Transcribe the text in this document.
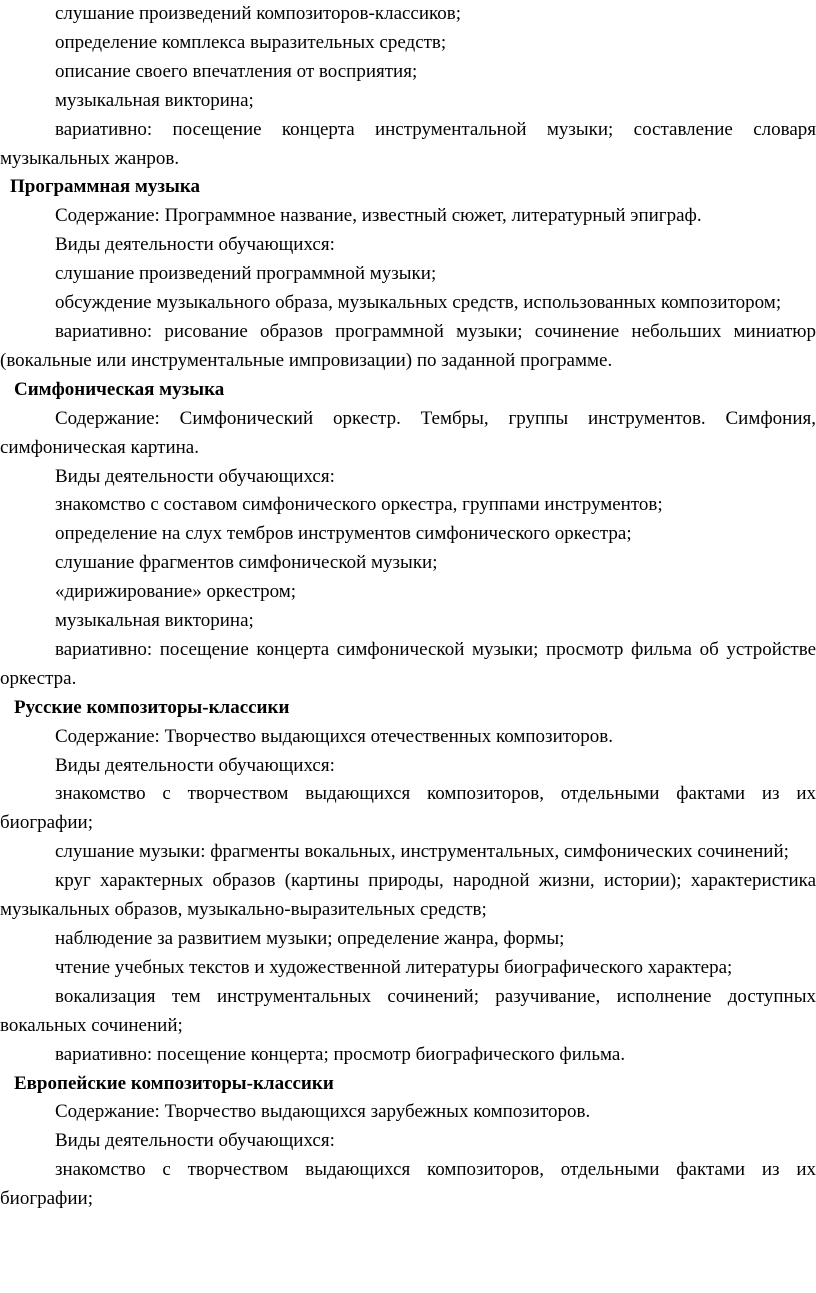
слушание произведений композиторов-классиков;

определение комплекса выразительных средств;

описание своего впечатления от восприятия;

музыкальная викторина;

вариативно: посещение концерта инструментальной музыки; составление словаря музыкальных жанров.

Программная музыка

Содержание: Программное название, известный сюжет, литературный эпиграф.

Виды деятельности обучающихся:

слушание произведений программной музыки;

обсуждение музыкального образа, музыкальных средств, использованных композитором;

вариативно: рисование образов программной музыки; сочинение небольших миниатюр (вокальные или инструментальные импровизации) по заданной программе.

Симфоническая музыка

Содержание: Симфонический оркестр. Тембры, группы инструментов. Симфония, симфоническая картина.

Виды деятельности обучающихся:

знакомство с составом симфонического оркестра, группами инструментов;

определение на слух тембров инструментов симфонического оркестра;

слушание фрагментов симфонической музыки;

«дирижирование» оркестром;

музыкальная викторина;

вариативно: посещение концерта симфонической музыки; просмотр фильма об устройстве оркестра.

Русские композиторы-классики

Содержание: Творчество выдающихся отечественных композиторов.

Виды деятельности обучающихся:

знакомство с творчеством выдающихся композиторов, отдельными фактами из их биографии;

слушание музыки: фрагменты вокальных, инструментальных, симфонических сочинений;

круг характерных образов (картины природы, народной жизни, истории); характеристика музыкальных образов, музыкально-выразительных средств;

наблюдение за развитием музыки; определение жанра, формы;

чтение учебных текстов и художественной литературы биографического характера;

вокализация тем инструментальных сочинений; разучивание, исполнение доступных вокальных сочинений;

вариативно: посещение концерта; просмотр биографического фильма.

Европейские композиторы-классики

Содержание: Творчество выдающихся зарубежных композиторов.

Виды деятельности обучающихся:

знакомство с творчеством выдающихся композиторов, отдельными фактами из их биографии;
